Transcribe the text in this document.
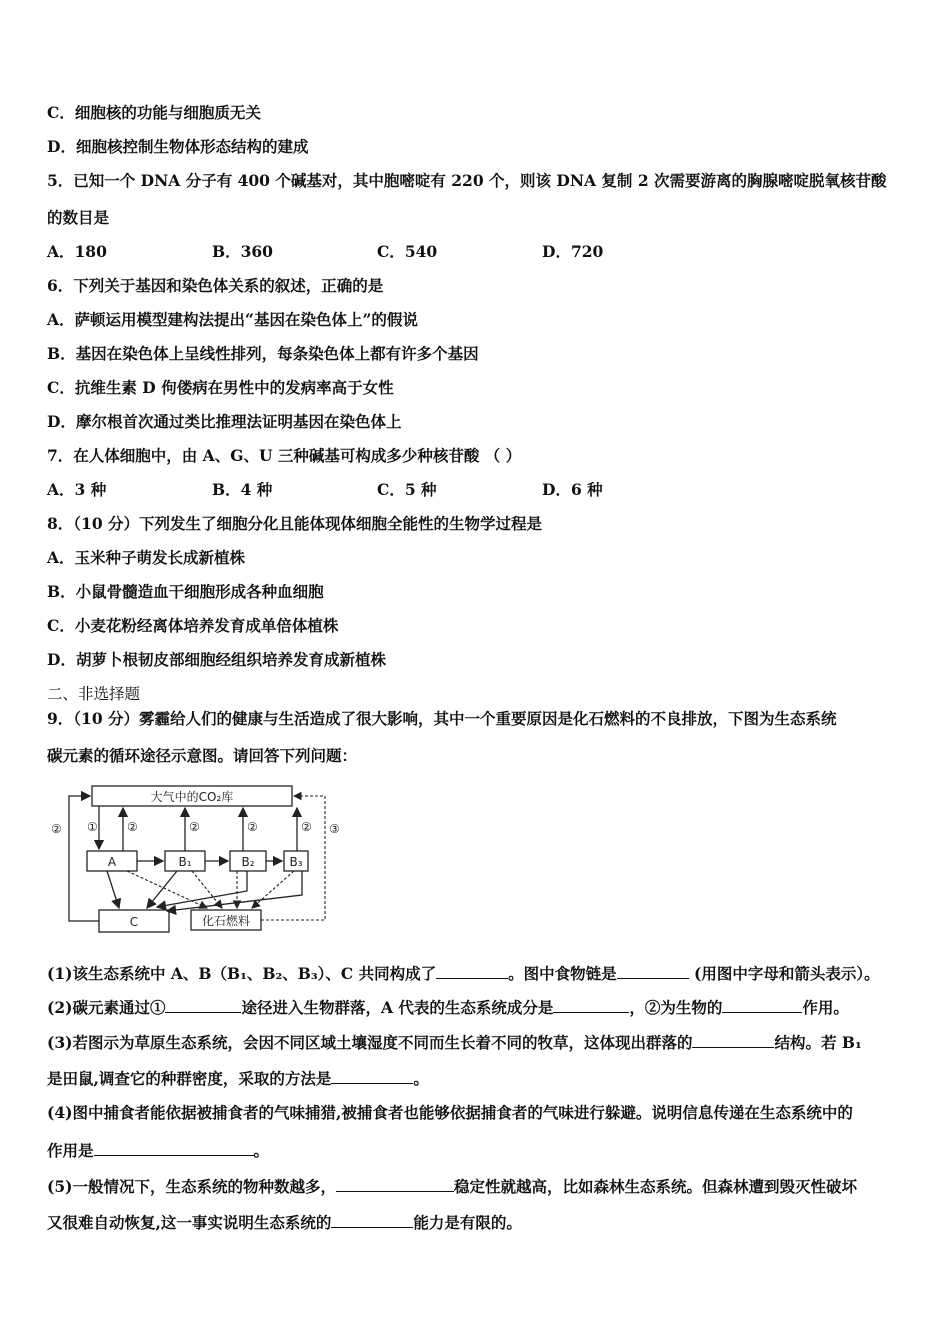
C．细胞核的功能与细胞质无关
D．细胞核控制生物体形态结构的建成
5．已知一个 DNA 分子有 400 个碱基对，其中胞嘧啶有 220 个，则该 DNA 复制 2 次需要游离的胸腺嘧啶脱氧核苷酸
的数目是
A．180	B．360	C．540	D．720
6．下列关于基因和染色体关系的叙述，正确的是
A．萨顿运用模型建构法提出“基因在染色体上”的假说
B．基因在染色体上呈线性排列，每条染色体上都有许多个基因
C．抗维生素 D 佝偻病在男性中的发病率高于女性
D．摩尔根首次通过类比推理法证明基因在染色体上
7．在人体细胞中，由 A、G、U 三种碱基可构成多少种核苷酸 （ ）
A．3 种	B．4 种	C．5 种	D．6 种
8．（10 分）下列发生了细胞分化且能体现体细胞全能性的生物学过程是
A．玉米种子萌发长成新植株
B．小鼠骨髓造血干细胞形成各种血细胞
C．小麦花粉经离体培养发育成单倍体植株
D．胡萝卜根韧皮部细胞经组织培养发育成新植株
二、非选择题
9．（10 分）雾霾给人们的健康与生活造成了很大影响，其中一个重要原因是化石燃料的不良排放，下图为生态系统
碳元素的循环途径示意图。请回答下列问题：
大气中的CO₂库
A	B₁	B₂	B₃
C	化石燃料
② ① ②	②	②	② ③
(1)该生态系统中 A、B（B₁、B₂、B₃）、C 共同构成了	。图中食物链是	(用图中字母和箭头表示）。
(2)碳元素通过①	途径进入生物群落，A 代表的生态系统成分是	，②为生物的	作用。
(3)若图示为草原生态系统，会因不同区域土壤湿度不同而生长着不同的牧草，这体现出群落的	结构。若 B₁
是田鼠,调查它的种群密度，采取的方法是	。
(4)图中捕食者能依据被捕食者的气味捕猎,被捕食者也能够依据捕食者的气味进行躲避。说明信息传递在生态系统中的
作用是	。
(5)一般情况下，生态系统的物种数越多，	稳定性就越高，比如森林生态系统。但森林遭到毁灭性破坏
又很难自动恢复,这一事实说明生态系统的	能力是有限的。
